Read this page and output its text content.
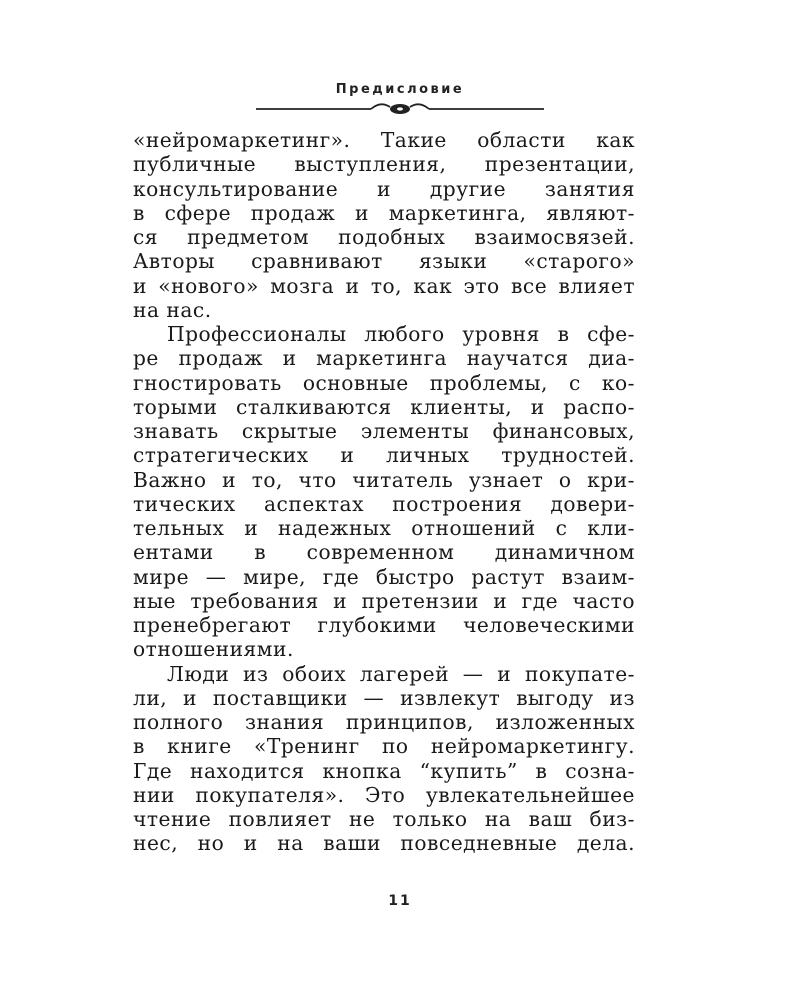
Предисловие
«нейромаркетинг». Такие области как
публичные выступления, презентации,
консультирование и другие занятия
в сфере продаж и маркетинга, являют-
ся предметом подобных взаимосвязей.
Авторы сравнивают языки «старого»
и «нового» мозга и то, как это все влияет
на нас.
Профессионалы любого уровня в сфе-
ре продаж и маркетинга научатся диа-
гностировать основные проблемы, с ко-
торыми сталкиваются клиенты, и распо-
знавать скрытые элементы финансовых,
стратегических и личных трудностей.
Важно и то, что читатель узнает о кри-
тических аспектах построения довери-
тельных и надежных отношений с кли-
ентами в современном динамичном
мире — мире, где быстро растут взаим-
ные требования и претензии и где часто
пренебрегают глубокими человеческими
отношениями.
Люди из обоих лагерей — и покупате-
ли, и поставщики — извлекут выгоду из
полного знания принципов, изложенных
в книге «Тренинг по нейромаркетингу.
Где находится кнопка “купить” в созна-
нии покупателя». Это увлекательнейшее
чтение повлияет не только на ваш биз-
нес, но и на ваши повседневные дела.
11
